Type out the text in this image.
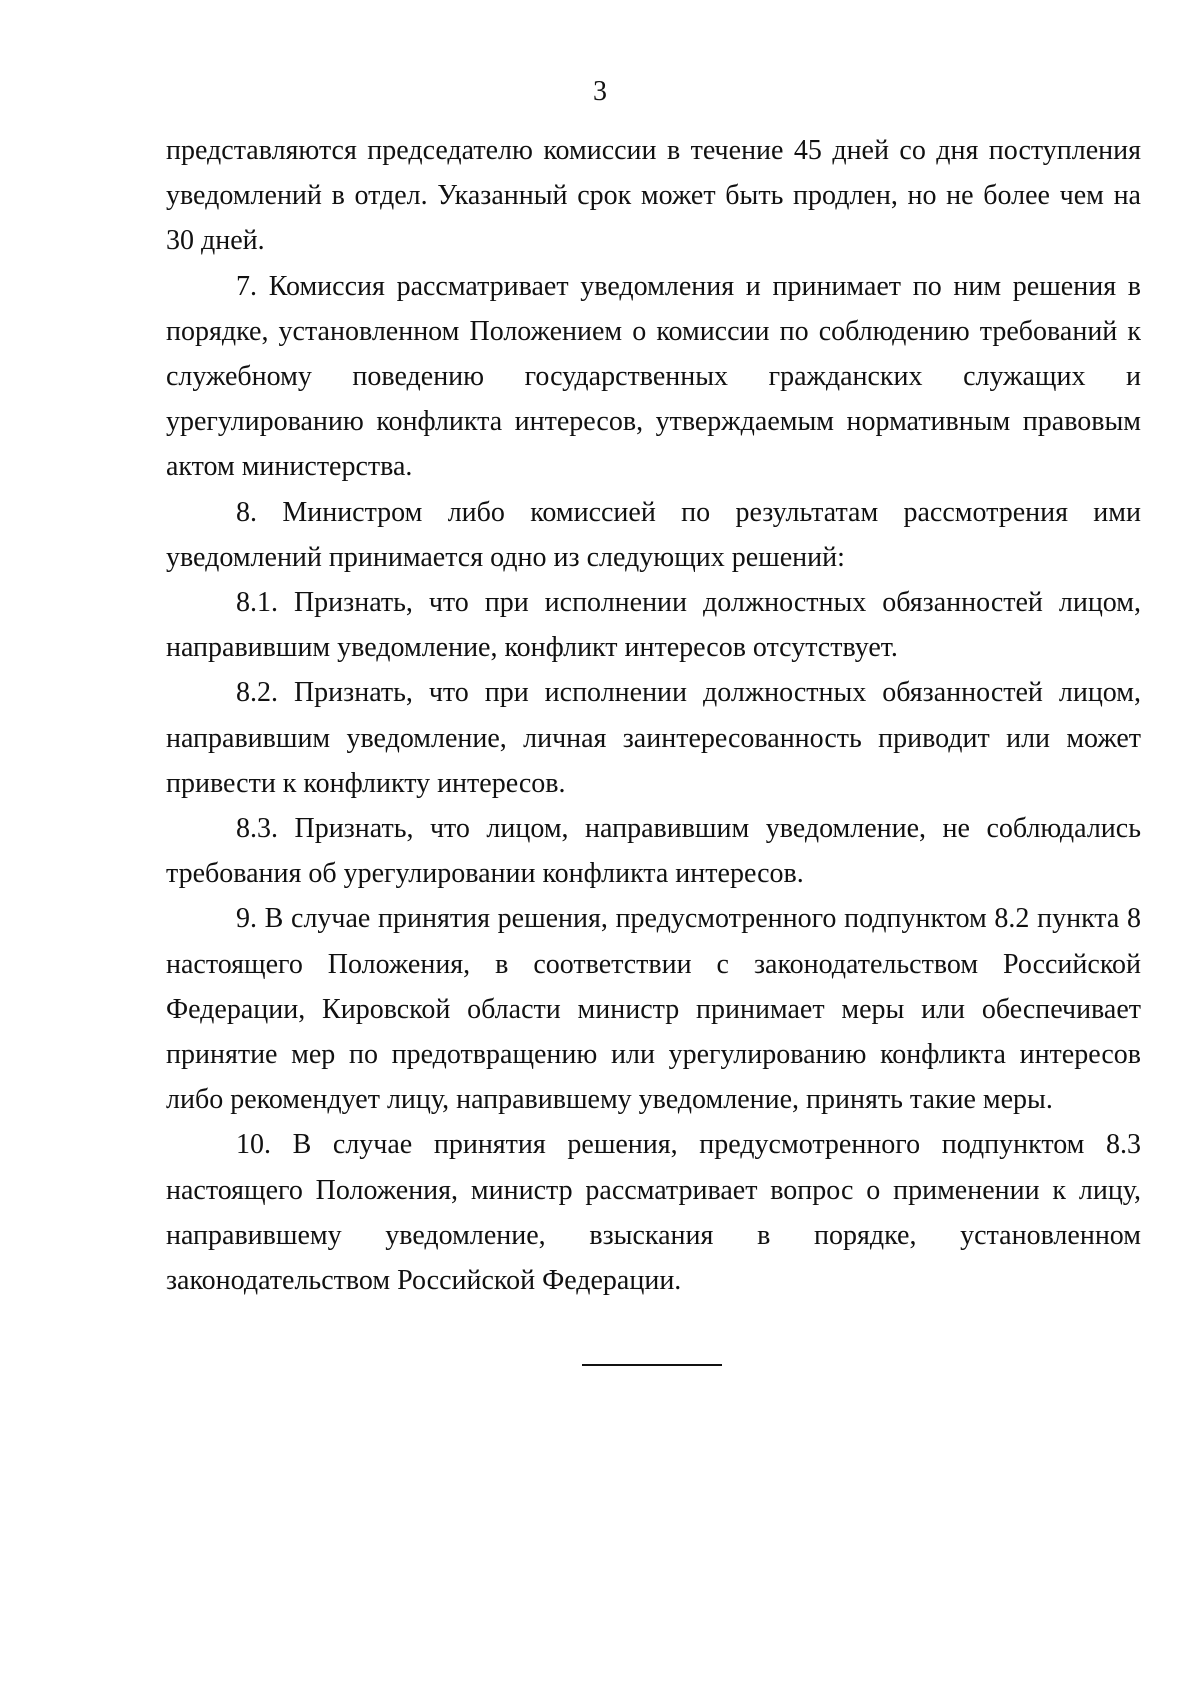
3

представляются председателю комиссии в течение 45 дней со дня поступления уведомлений в отдел. Указанный срок может быть продлен, но не более чем на 30 дней.

7. Комиссия рассматривает уведомления и принимает по ним решения в порядке, установленном Положением о комиссии по соблюдению требований к служебному поведению государственных гражданских служащих и урегулированию конфликта интересов, утверждаемым нормативным правовым актом министерства.

8. Министром либо комиссией по результатам рассмотрения ими уведомлений принимается одно из следующих решений:

8.1. Признать, что при исполнении должностных обязанностей лицом, направившим уведомление, конфликт интересов отсутствует.

8.2. Признать, что при исполнении должностных обязанностей лицом, направившим уведомление, личная заинтересованность приводит или может привести к конфликту интересов.

8.3. Признать, что лицом, направившим уведомление, не соблюдались требования об урегулировании конфликта интересов.

9. В случае принятия решения, предусмотренного подпунктом 8.2 пункта 8 настоящего Положения, в соответствии с законодательством Российской Федерации, Кировской области министр принимает меры или обеспечивает принятие мер по предотвращению или урегулированию конфликта интересов либо рекомендует лицу, направившему уведомление, принять такие меры.

10. В случае принятия решения, предусмотренного подпунктом 8.3 настоящего Положения, министр рассматривает вопрос о применении к лицу, направившему уведомление, взыскания в порядке, установленном законодательством Российской Федерации.
